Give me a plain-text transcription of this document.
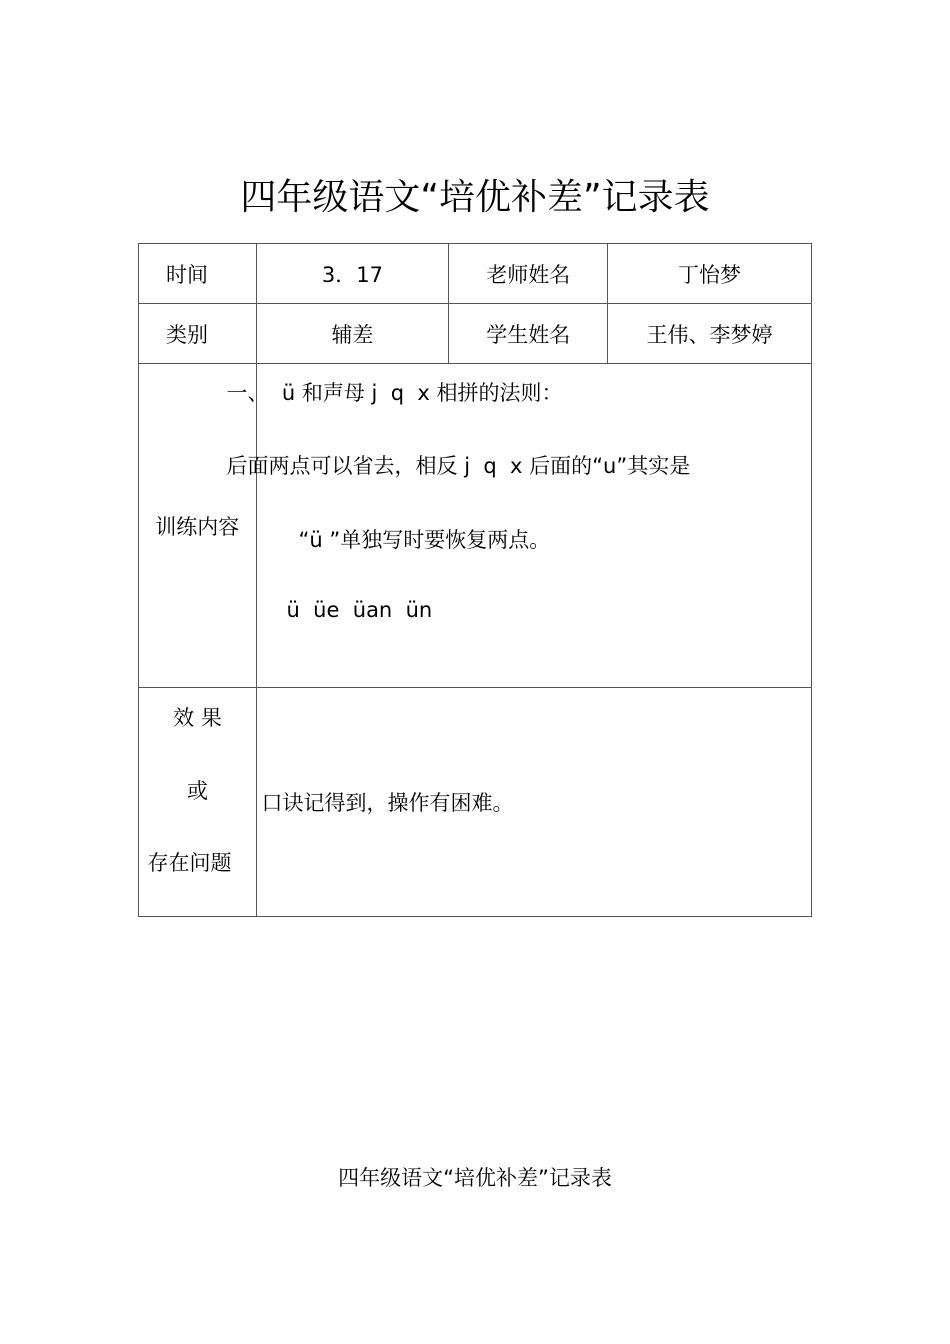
四年级语文“培优补差”记录表
时间	3．17	老师姓名	丁怡梦
类别	辅差	学生姓名	王伟、李梦婷
训练内容	一、  ü 和声母 j  q  x 相拼的法则：
后面两点可以省去，相反 j  q  x 后面的“u”其实是
“ü ”单独写时要恢复两点。
ü  üe  üan  ün		

效 果
或
存在问题	口诀记得到，操作有困难。		
四年级语文“培优补差”记录表
